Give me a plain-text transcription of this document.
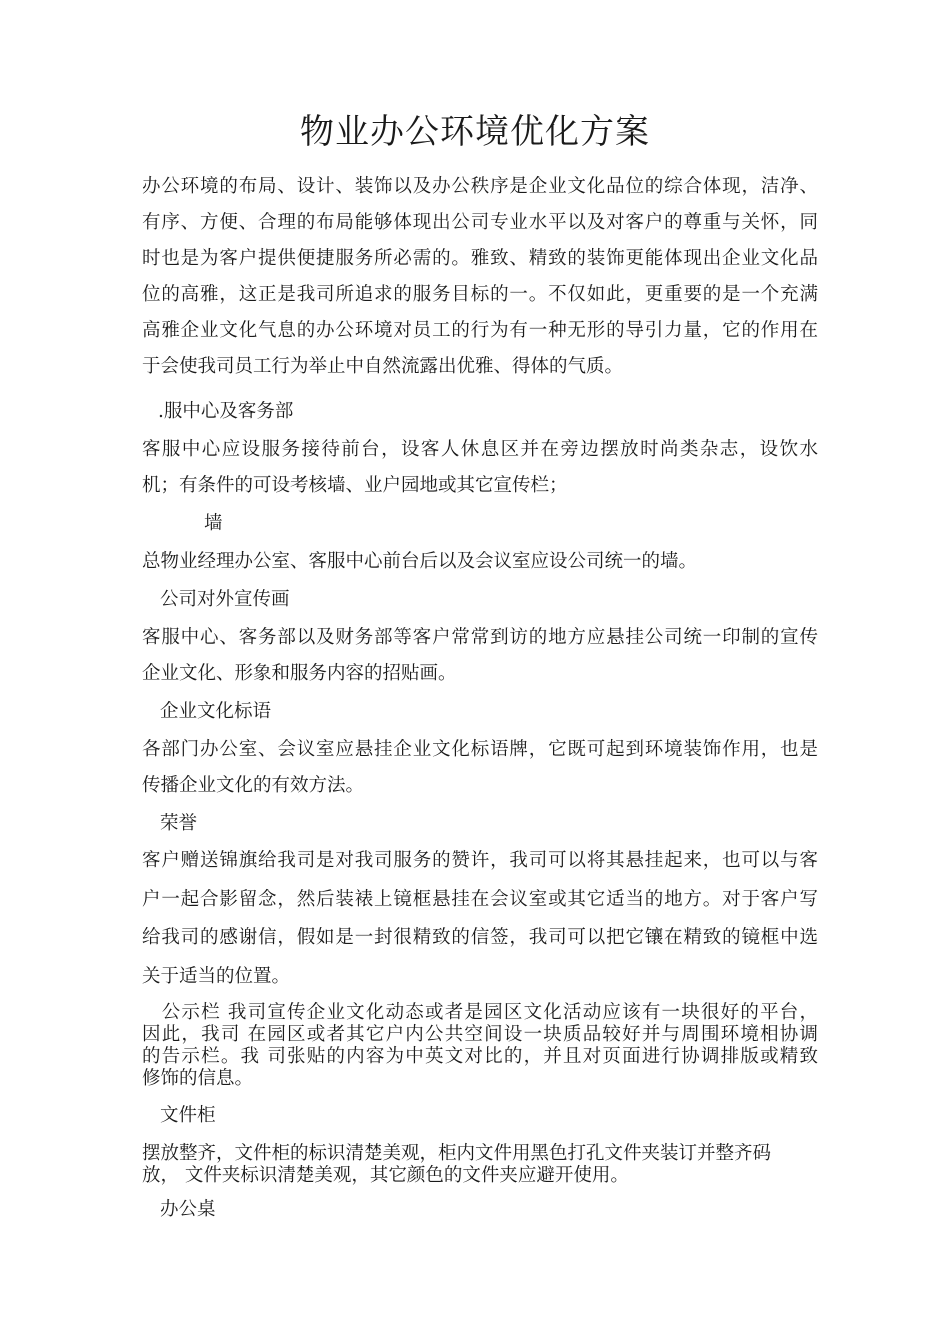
物业办公环境优化方案
办公环境的布局、设计、装饰以及办公秩序是企业文化品位的综合体现，洁净、
有序、方便、合理的布局能够体现出公司专业水平以及对客户的尊重与关怀，同
时也是为客户提供便捷服务所必需的。雅致、精致的装饰更能体现出企业文化品
位的高雅，这正是我司所追求的服务目标的一。不仅如此，更重要的是一个充满
高雅企业文化气息的办公环境对员工的行为有一种无形的导引力量，它的作用在
于会使我司员工行为举止中自然流露出优雅、得体的气质。
.服中心及客务部
客服中心应设服务接待前台，设客人休息区并在旁边摆放时尚类杂志，设饮水
机；有条件的可设考核墙、业户园地或其它宣传栏；
墙
总物业经理办公室、客服中心前台后以及会议室应设公司统一的墙。
公司对外宣传画
客服中心、客务部以及财务部等客户常常到访的地方应悬挂公司统一印制的宣传
企业文化、形象和服务内容的招贴画。
企业文化标语
各部门办公室、会议室应悬挂企业文化标语牌，它既可起到环境装饰作用，也是
传播企业文化的有效方法。
荣誉
客户赠送锦旗给我司是对我司服务的赞许，我司可以将其悬挂起来，也可以与客
户一起合影留念，然后装裱上镜框悬挂在会议室或其它适当的地方。对于客户写
给我司的感谢信，假如是一封很精致的信签，我司可以把它镶在精致的镜框中选
关于适当的位置。
　公示栏 我司宣传企业文化动态或者是园区文化活动应该有一块很好的平台，
因此，我司 在园区或者其它户内公共空间设一块质品较好并与周围环境相协调
的告示栏。我 司张贴的内容为中英文对比的，并且对页面进行协调排版或精致
修饰的信息。
文件柜
摆放整齐，文件柜的标识清楚美观，柜内文件用黑色打孔文件夹装订并整齐码
放， 文件夹标识清楚美观，其它颜色的文件夹应避开使用。
办公桌
